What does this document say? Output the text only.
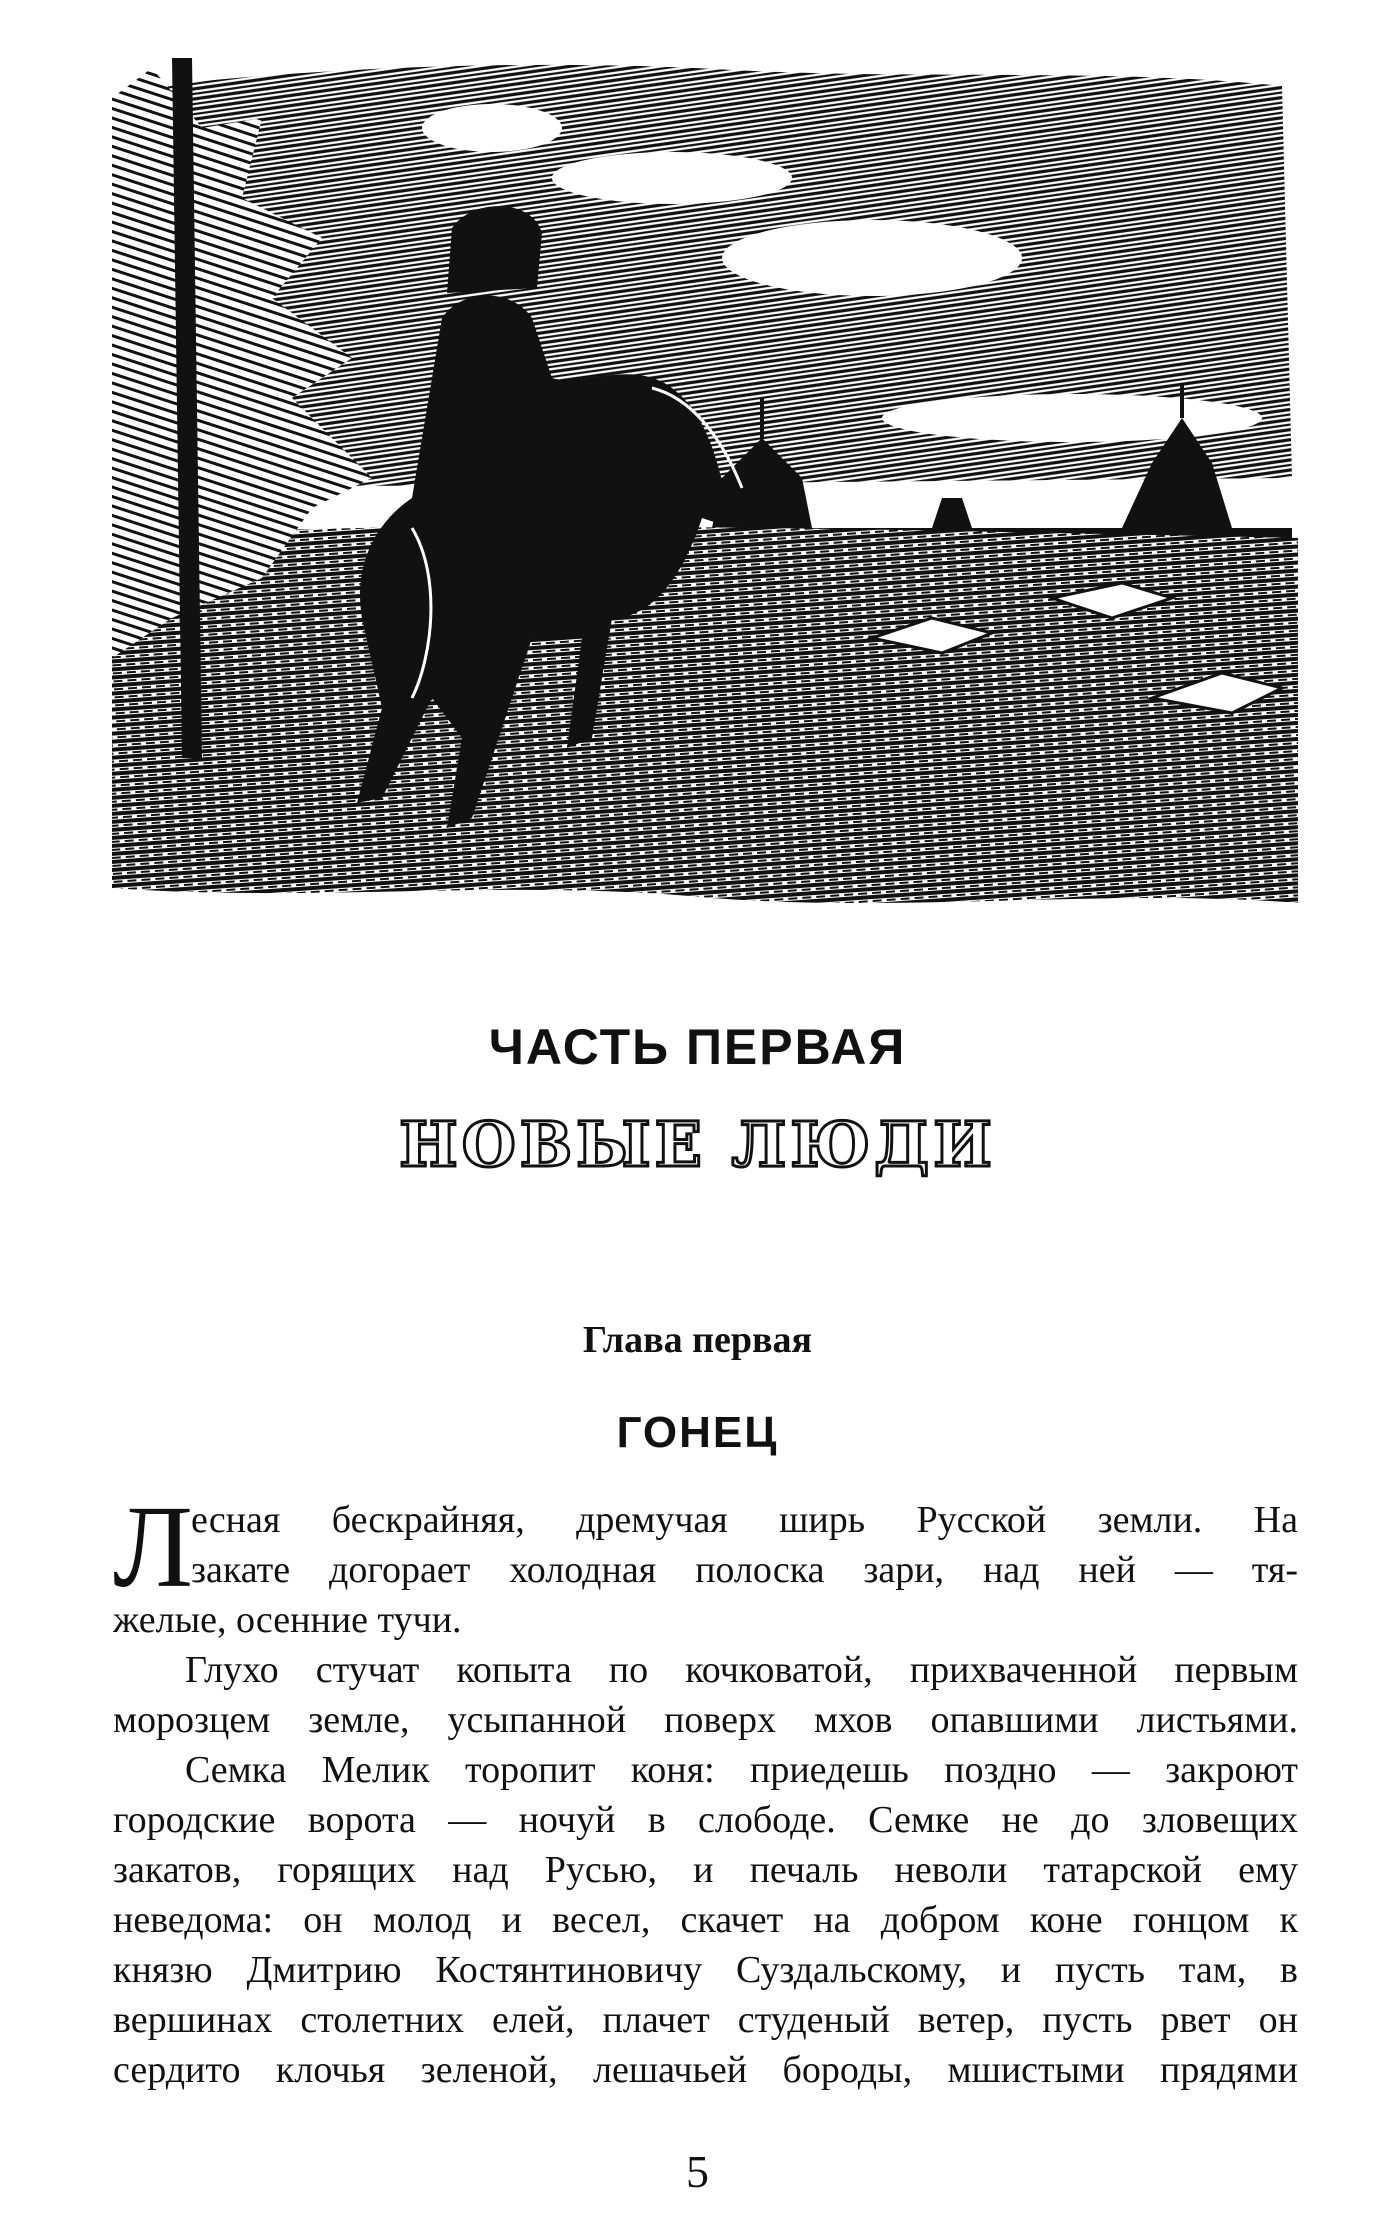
ЧАСТЬ ПЕРВАЯ
НОВЫЕ ЛЮДИ
Глава первая
ГОНЕЦ
Л
есная бескрайняя, дремучая ширь Русской земли. На
закате догорает холодная полоска зари, над ней — тя-
желые, осенние тучи.
Глухо стучат копыта по кочковатой, прихваченной первым
морозцем земле, усыпанной поверх мхов опавшими листьями.
Семка Мелик торопит коня: приедешь поздно — закроют
городские ворота — ночуй в слободе. Семке не до зловещих
закатов, горящих над Русью, и печаль неволи татарской ему
неведома: он молод и весел, скачет на добром коне гонцом к
князю Дмитрию Костянтиновичу Суздальскому, и пусть там, в
вершинах столетних елей, плачет студеный ветер, пусть рвет он
сердито клочья зеленой, лешачьей бороды, мшистыми прядями
5
